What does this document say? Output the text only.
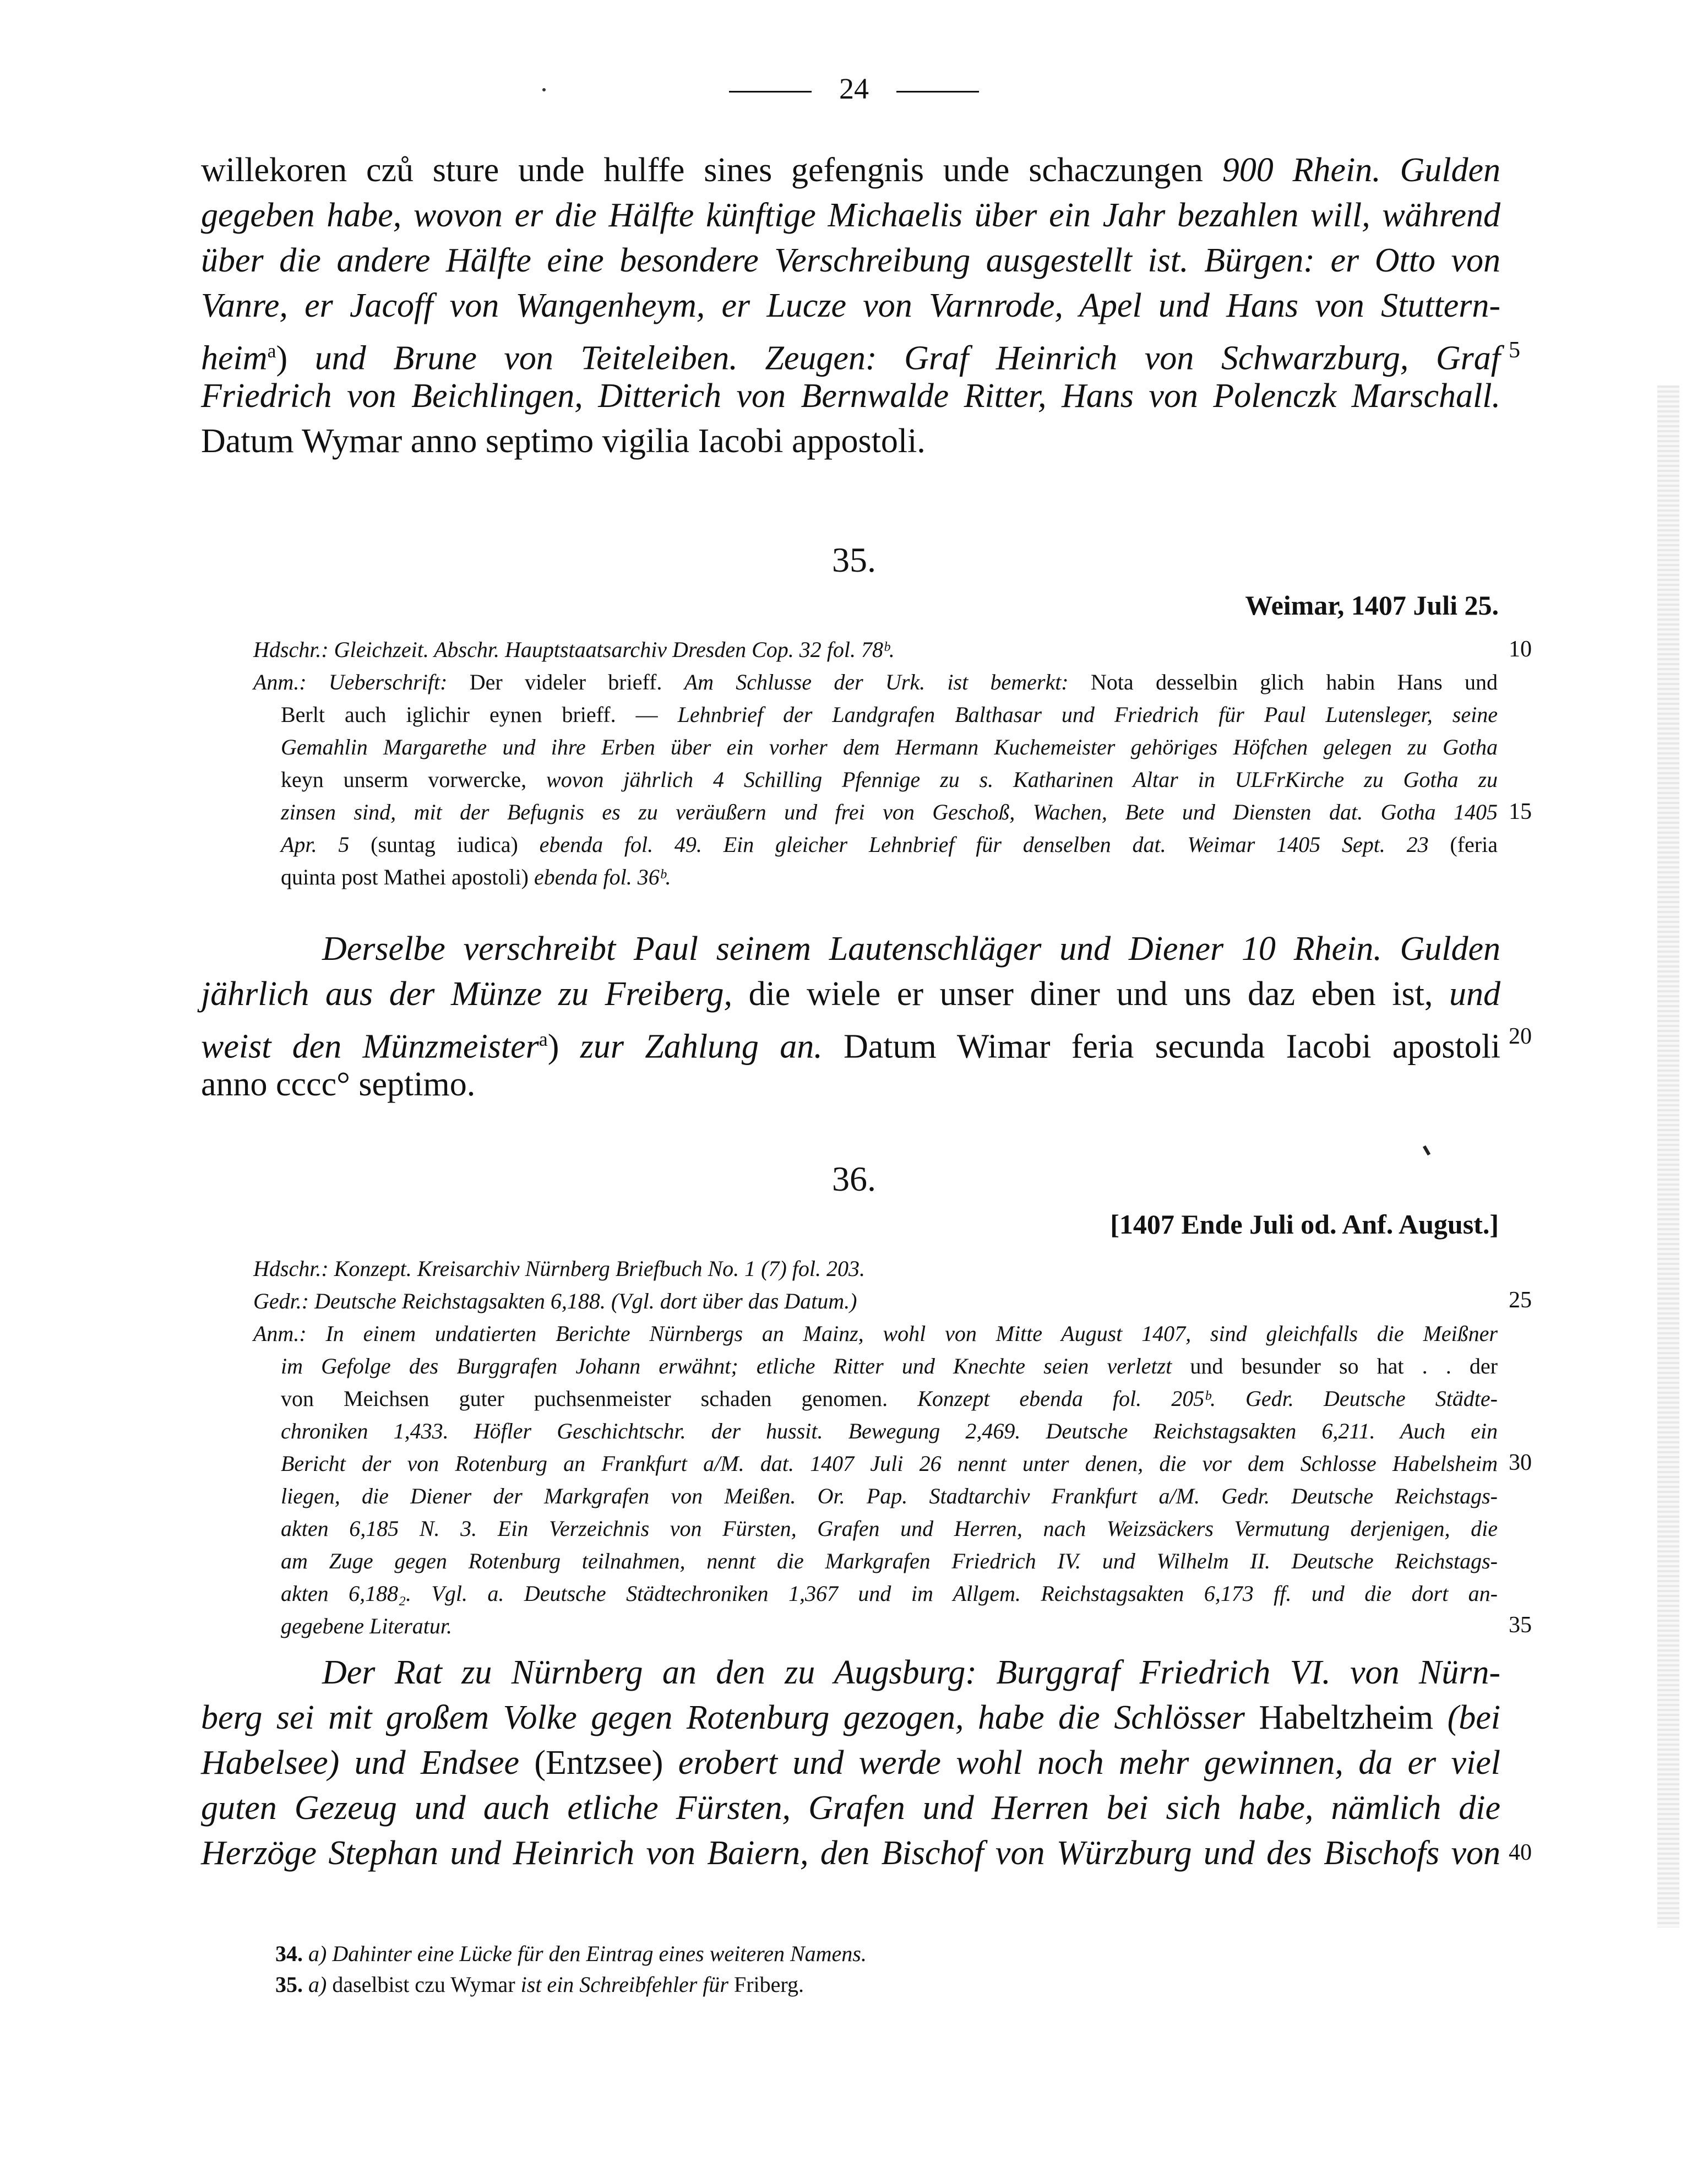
24
willekoren czů sture unde hulffe sines gefengnis unde schaczungen 900 Rhein. Gulden
gegeben habe, wovon er die Hälfte künftige Michaelis über ein Jahr bezahlen will, während
über die andere Hälfte eine besondere Verschreibung ausgestellt ist. Bürgen: er Otto von
Vanre, er Jacoff von Wangenheym, er Lucze von Varnrode, Apel und Hans von Stuttern-
heim$^a$) und Brune von Teiteleiben. Zeugen: Graf Heinrich von Schwarzburg, Graf
Friedrich von Beichlingen, Ditterich von Bernwalde Ritter, Hans von Polenczk Marschall.
Datum Wymar anno septimo vigilia Iacobi appostoli.
35.
Weimar, 1407 Juli 25.
Hdschr.: Gleichzeit. Abschr. Hauptstaatsarchiv Dresden Cop. 32 fol. 78ᵇ.
Anm.: Ueberschrift: Der videler brieff. Am Schlusse der Urk. ist bemerkt: Nota desselbin glich habin Hans und
Berlt auch iglichir eynen brieff. — Lehnbrief der Landgrafen Balthasar und Friedrich für Paul Lutensleger, seine
Gemahlin Margarethe und ihre Erben über ein vorher dem Hermann Kuchemeister gehöriges Höfchen gelegen zu Gotha
keyn unserm vorwercke, wovon jährlich 4 Schilling Pfennige zu s. Katharinen Altar in ULFrKirche zu Gotha zu
zinsen sind, mit der Befugnis es zu veräußern und frei von Geschoß, Wachen, Bete und Diensten dat. Gotha 1405
Apr. 5 (suntag iudica) ebenda fol. 49. Ein gleicher Lehnbrief für denselben dat. Weimar 1405 Sept. 23 (feria
quinta post Mathei apostoli) ebenda fol. 36ᵇ.
Derselbe verschreibt Paul seinem Lautenschläger und Diener 10 Rhein. Gulden
jährlich aus der Münze zu Freiberg, die wiele er unser diner und uns daz eben ist, und
weist den Münzmeister$^a$) zur Zahlung an. Datum Wimar feria secunda Iacobi apostoli
anno cccc° septimo.
36.
[1407 Ende Juli od. Anf. August.]
Hdschr.: Konzept. Kreisarchiv Nürnberg Briefbuch No. 1 (7) fol. 203.
Gedr.: Deutsche Reichstagsakten 6,188. (Vgl. dort über das Datum.)
Anm.: In einem undatierten Berichte Nürnbergs an Mainz, wohl von Mitte August 1407, sind gleichfalls die Meißner
im Gefolge des Burggrafen Johann erwähnt; etliche Ritter und Knechte seien verletzt und besunder so hat . . der
von Meichsen guter puchsenmeister schaden genomen. Konzept ebenda fol. 205ᵇ. Gedr. Deutsche Städte-
chroniken 1,433. Höfler Geschichtschr. der hussit. Bewegung 2,469. Deutsche Reichstagsakten 6,211. Auch ein
Bericht der von Rotenburg an Frankfurt a/M. dat. 1407 Juli 26 nennt unter denen, die vor dem Schlosse Habelsheim
liegen, die Diener der Markgrafen von Meißen. Or. Pap. Stadtarchiv Frankfurt a/M. Gedr. Deutsche Reichstags-
akten 6,185 N. 3. Ein Verzeichnis von Fürsten, Grafen und Herren, nach Weizsäckers Vermutung derjenigen, die
am Zuge gegen Rotenburg teilnahmen, nennt die Markgrafen Friedrich IV. und Wilhelm II. Deutsche Reichstags-
akten 6,188₂. Vgl. a. Deutsche Städtechroniken 1,367 und im Allgem. Reichstagsakten 6,173 ff. und die dort an-
gegebene Literatur.
Der Rat zu Nürnberg an den zu Augsburg: Burggraf Friedrich VI. von Nürn-
berg sei mit großem Volke gegen Rotenburg gezogen, habe die Schlösser Habeltzheim (bei
Habelsee) und Endsee (Entzsee) erobert und werde wohl noch mehr gewinnen, da er viel
guten Gezeug und auch etliche Fürsten, Grafen und Herren bei sich habe, nämlich die
Herzöge Stephan und Heinrich von Baiern, den Bischof von Würzburg und des Bischofs von
34. a) Dahinter eine Lücke für den Eintrag eines weiteren Namens.
35. a) daselbist czu Wymar ist ein Schreibfehler für Friberg.
5
10
15
20
25
30
35
40
